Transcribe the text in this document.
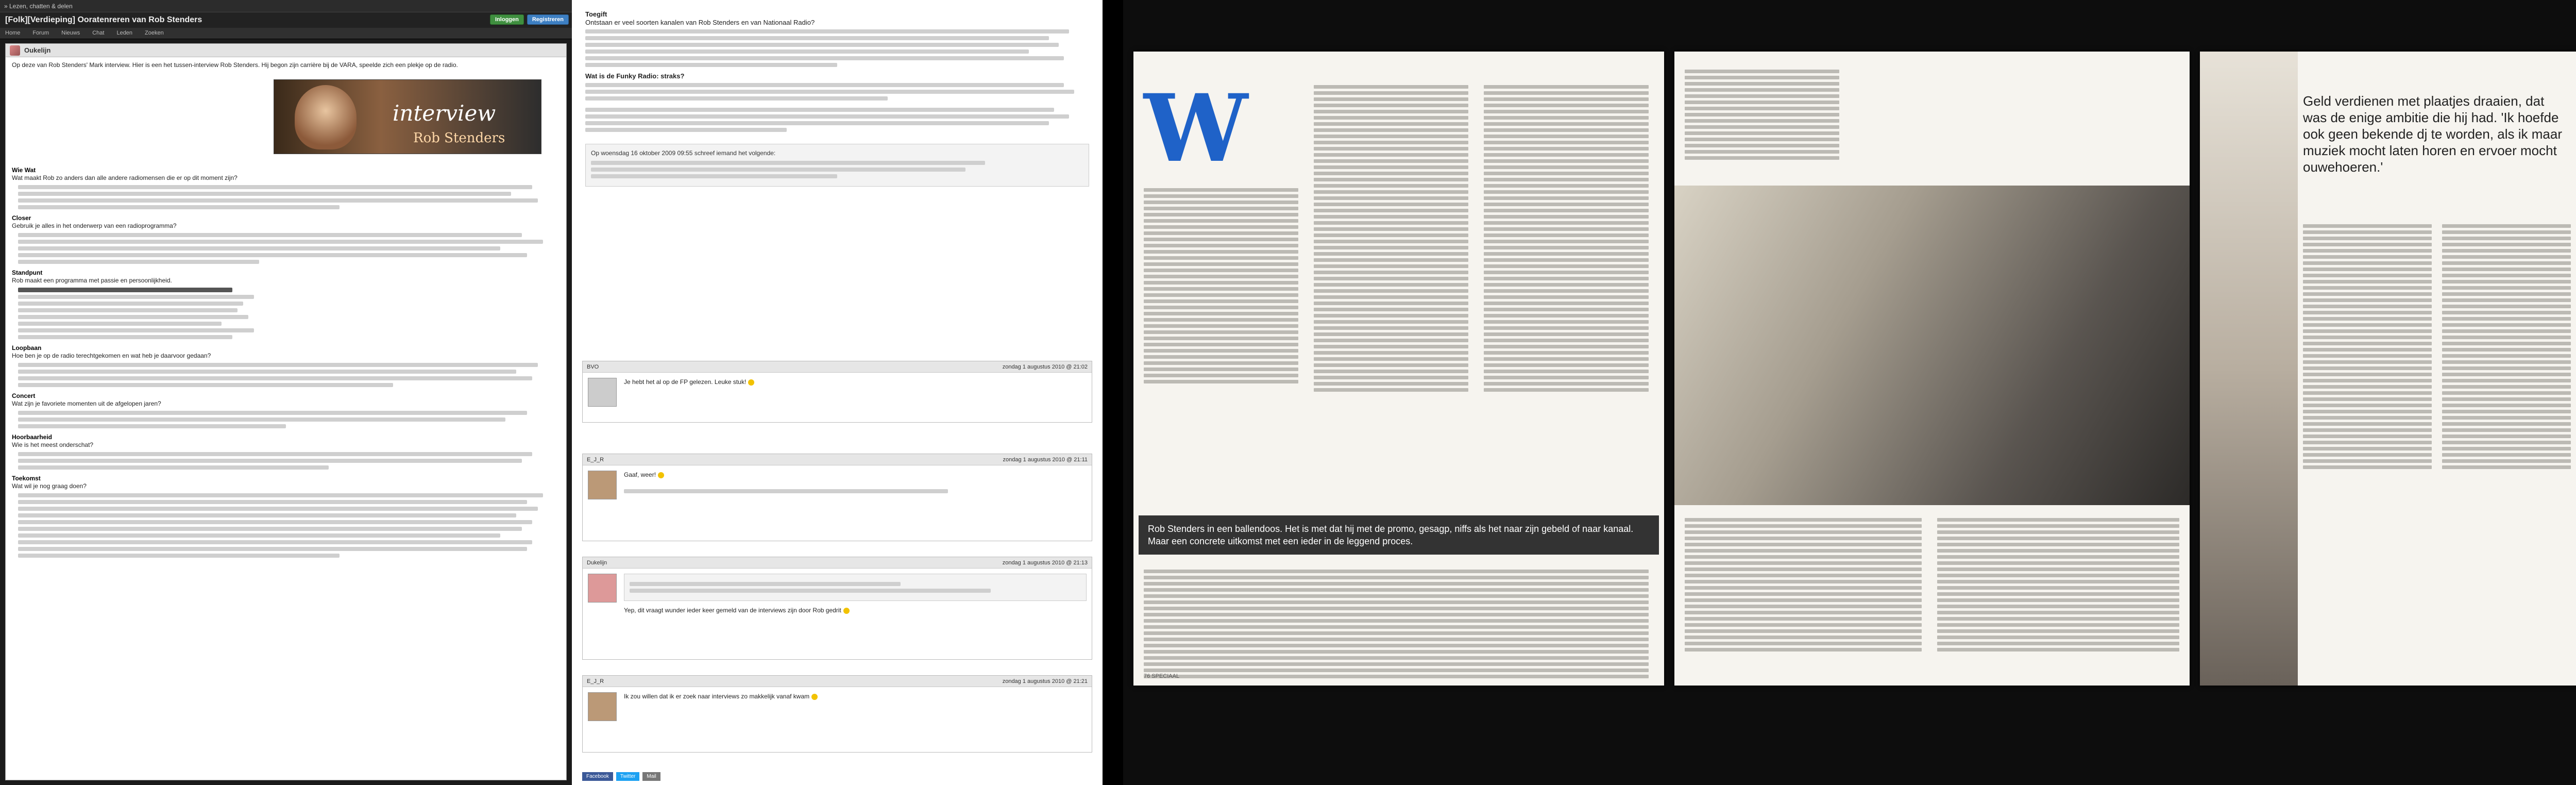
» Lezen, chatten & delen
[Folk][Verdieping] Ooratenreren van Rob Stenders	Inloggen	Registreren
Home Forum Nieuws Chat Leden Zoeken
Oukelijn

Op deze van Rob Stenders' Mark interview. Hier is een het tussen-interview Rob Stenders. Hij begon zijn carrière bij de VARA, speelde zich een plekje op de radio.

interview
Rob Stenders
Wie Wat

Wat maakt Rob zo anders dan alle andere radiomensen die er op dit moment zijn?

Closer

Gebruik je alles in het onderwerp van een radioprogramma?

Standpunt

Rob maakt een programma met passie en persoonlijkheid.

Loopbaan

Hoe ben je op de radio terechtgekomen en wat heb je daarvoor gedaan?

Concert

Wat zijn je favoriete momenten uit de afgelopen jaren?

Hoorbaarheid

Wie is het meest onderschat?

Toekomst

Wat wil je nog graag doen?

Toegift

Ontstaan er veel soorten kanalen van Rob Stenders en van Nationaal Radio?

Wat is de Funky Radio: straks?

Op woensdag 16 oktober 2009 09:55 schreef iemand het volgende:
BVO	zondag 1 augustus 2010 @ 21:02
Je hebt het al op de FP gelezen. Leuke stuk!
E_J_R	zondag 1 augustus 2010 @ 21:11
Gaaf, weer!
Dukelijn	zondag 1 augustus 2010 @ 21:13
Yep, dit vraagt wunder ieder keer gemeld van de interviews zijn door Rob gedrit
E_J_R	zondag 1 augustus 2010 @ 21:21
Ik zou willen dat ik er zoek naar interviews zo makkelijk vanaf kwam
Facebook	Twitter	Mail
W
Rob Stenders in een ballendoos. Het is met dat hij met de promo, gesagp, niffs als het naar zijn gebeld of naar kanaal. Maar een concrete uitkomst met een ieder in de leggend proces.
76 SPECIAAL
Geld verdienen met plaatjes draaien, dat was de enige ambitie die hij had. 'Ik hoefde ook geen bekende dj te worden, als ik maar muziek mocht laten horen en ervoer mocht ouwehoeren.'
